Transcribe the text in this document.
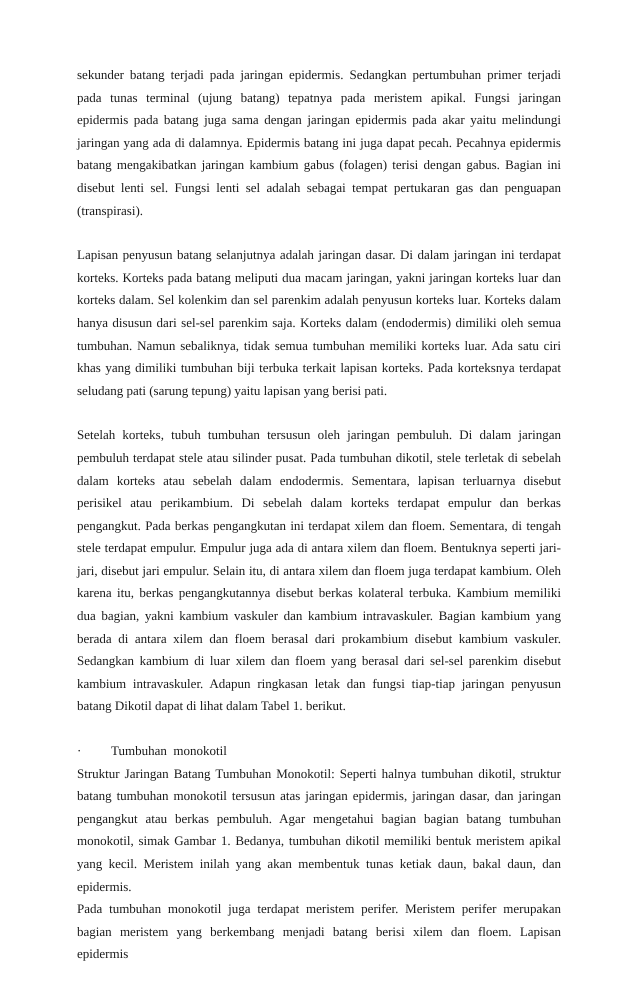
sekunder batang terjadi pada jaringan epidermis. Sedangkan pertumbuhan primer terjadi pada tunas terminal (ujung batang) tepatnya pada meristem apikal. Fungsi jaringan epidermis pada batang juga sama dengan jaringan epidermis pada akar yaitu melindungi jaringan yang ada di dalamnya. Epidermis batang ini juga dapat pecah. Pecahnya epidermis batang mengakibatkan jaringan kambium gabus (folagen) terisi dengan gabus. Bagian ini disebut lenti sel. Fungsi lenti sel adalah sebagai tempat pertukaran gas dan penguapan (transpirasi).

Lapisan penyusun batang selanjutnya adalah jaringan dasar. Di dalam jaringan ini terdapat korteks. Korteks pada batang meliputi dua macam jaringan, yakni jaringan korteks luar dan korteks dalam. Sel kolenkim dan sel parenkim adalah penyusun korteks luar. Korteks dalam hanya disusun dari sel-sel parenkim saja. Korteks dalam (endodermis) dimiliki oleh semua tumbuhan. Namun sebaliknya, tidak semua tumbuhan memiliki korteks luar. Ada satu ciri khas yang dimiliki tumbuhan biji terbuka terkait lapisan korteks. Pada korteksnya terdapat seludang pati (sarung tepung) yaitu lapisan yang berisi pati.

Setelah korteks, tubuh tumbuhan tersusun oleh jaringan pembuluh. Di dalam jaringan pembuluh terdapat stele atau silinder pusat. Pada tumbuhan dikotil, stele terletak di sebelah dalam korteks atau sebelah dalam endodermis. Sementara, lapisan terluarnya disebut perisikel atau perikambium. Di sebelah dalam korteks terdapat empulur dan berkas pengangkut. Pada berkas pengangkutan ini terdapat xilem dan floem. Sementara, di tengah stele terdapat empulur. Empulur juga ada di antara xilem dan floem. Bentuknya seperti jari-jari, disebut jari empulur. Selain itu, di antara xilem dan floem juga terdapat kambium. Oleh karena itu, berkas pengangkutannya disebut berkas kolateral terbuka. Kambium memiliki dua bagian, yakni kambium vaskuler dan kambium intravaskuler. Bagian kambium yang berada di antara xilem dan floem berasal dari prokambium disebut kambium vaskuler. Sedangkan kambium di luar xilem dan floem yang berasal dari sel-sel parenkim disebut kambium intravaskuler. Adapun ringkasan letak dan fungsi tiap-tiap jaringan penyusun batang Dikotil dapat di lihat dalam Tabel 1. berikut.

·	Tumbuhan  monokotil

Struktur Jaringan Batang Tumbuhan Monokotil: Seperti halnya tumbuhan dikotil, struktur batang tumbuhan monokotil tersusun atas jaringan epidermis, jaringan dasar, dan jaringan pengangkut atau berkas pembuluh. Agar mengetahui bagian bagian batang tumbuhan monokotil, simak Gambar 1. Bedanya, tumbuhan dikotil memiliki bentuk meristem apikal yang kecil. Meristem inilah yang akan membentuk tunas ketiak daun, bakal daun, dan epidermis.

Pada tumbuhan monokotil juga terdapat meristem perifer. Meristem perifer merupakan bagian meristem yang berkembang menjadi batang berisi xilem dan floem. Lapisan epidermis
